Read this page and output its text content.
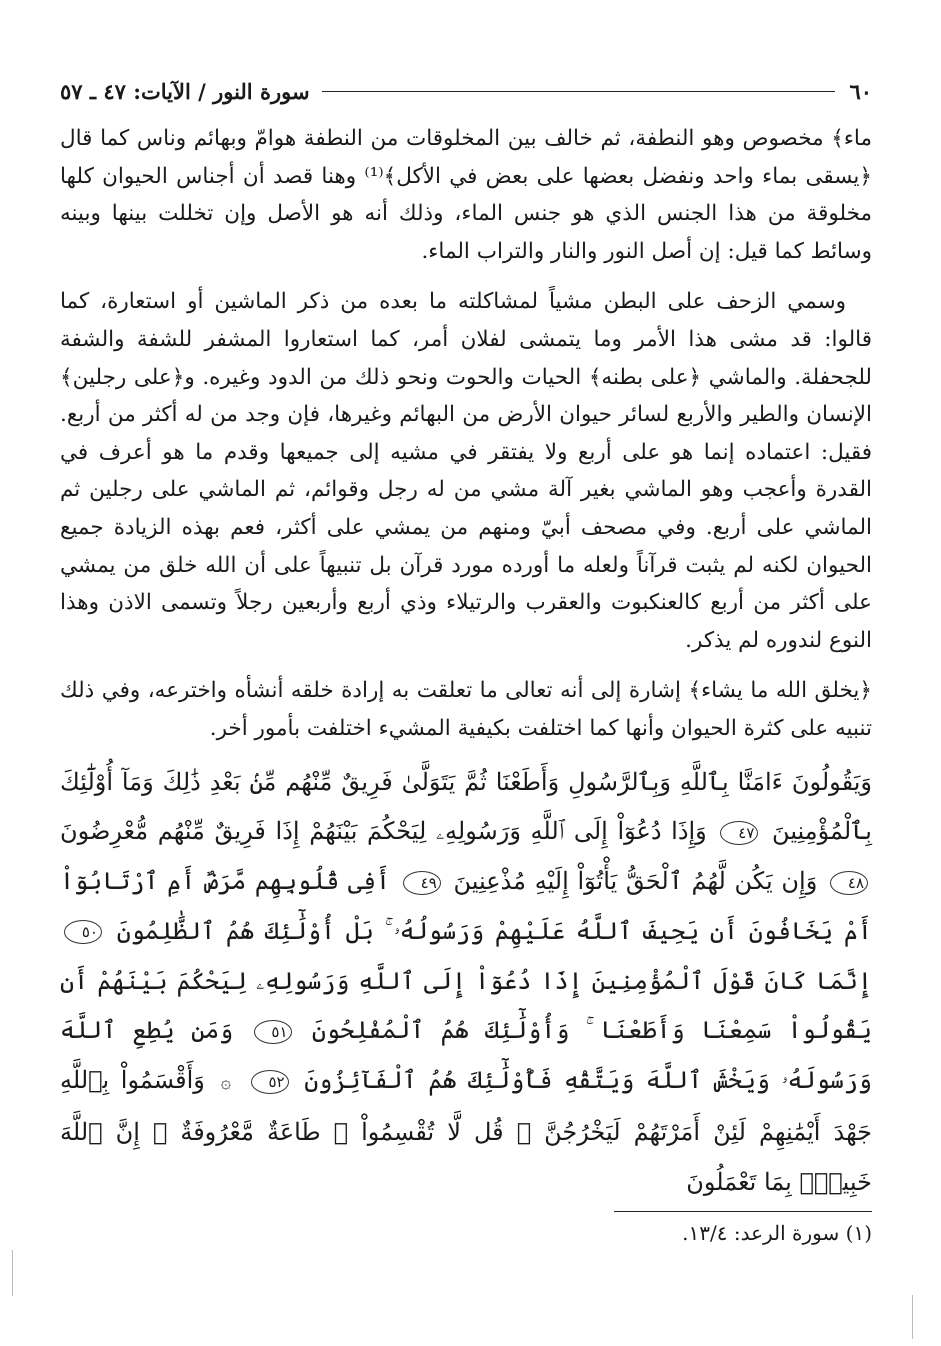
٦٠
سورة النور / الآيات: ٤٧ ـ ٥٧

ماء﴾ مخصوص وهو النطفة، ثم خالف بين المخلوقات من النطفة هوامّ وبهائم وناس كما قال ﴿يسقى بماء واحد ونفضل بعضها على بعض في الأكل﴾⁽¹⁾ وهنا قصد أن أجناس الحيوان كلها مخلوقة من هذا الجنس الذي هو جنس الماء، وذلك أنه هو الأصل وإن تخللت بينها وبينه وسائط كما قيل: إن أصل النور والنار والتراب الماء.

وسمي الزحف على البطن مشياً لمشاكلته ما بعده من ذكر الماشين أو استعارة، كما قالوا: قد مشى هذا الأمر وما يتمشى لفلان أمر، كما استعاروا المشفر للشفة والشفة للجحفلة. والماشي ﴿على بطنه﴾ الحيات والحوت ونحو ذلك من الدود وغيره. و﴿على رجلين﴾ الإنسان والطير والأربع لسائر حيوان الأرض من البهائم وغيرها، فإن وجد من له أكثر من أربع. فقيل: اعتماده إنما هو على أربع ولا يفتقر في مشيه إلى جميعها وقدم ما هو أعرف في القدرة وأعجب وهو الماشي بغير آلة مشي من له رجل وقوائم، ثم الماشي على رجلين ثم الماشي على أربع. وفي مصحف أبيّ ومنهم من يمشي على أكثر، فعم بهذه الزيادة جميع الحيوان لكنه لم يثبت قرآناً ولعله ما أورده مورد قرآن بل تنبيهاً على أن الله خلق من يمشي على أكثر من أربع كالعنكبوت والعقرب والرتيلاء وذي أربع وأربعين رجلاً وتسمى الاذن وهذا النوع لندوره لم يذكر.

﴿يخلق الله ما يشاء﴾ إشارة إلى أنه تعالى ما تعلقت به إرادة خلقه أنشأه واخترعه، وفي ذلك تنبيه على كثرة الحيوان وأنها كما اختلفت بكيفية المشيء اختلفت بأمور أخر.

وَيَقُولُونَ ءَامَنَّا بِٱللَّهِ وَبِٱلرَّسُولِ وَأَطَعْنَا ثُمَّ يَتَوَلَّىٰ فَرِيقٌ مِّنْهُم مِّنۢ بَعْدِ ذَٰلِكَ وَمَآ أُوْلَٰٓئِكَ بِٱلْمُؤْمِنِينَ ٤٧ وَإِذَا دُعُوٓاْ إِلَى ٱللَّهِ وَرَسُولِهِۦ لِيَحْكُمَ بَيْنَهُمْ إِذَا فَرِيقٌ مِّنْهُم مُّعْرِضُونَ ٤٨ وَإِن يَكُن لَّهُمُ ٱلْحَقُّ يَأْتُوٓاْ إِلَيْهِ مُذْعِنِينَ ٤٩ أَفِى قُلُوبِهِم مَّرَضٌ أَمِ ٱرْتَابُوٓاْ أَمْ يَخَافُونَ أَن يَحِيفَ ٱللَّهُ عَلَيْهِمْ وَرَسُولُهُۥ ۚ بَلْ أُوْلَٰٓئِكَ هُمُ ٱلظَّٰلِمُونَ ٥٠ إِنَّمَا كَانَ قَوْلَ ٱلْمُؤْمِنِينَ إِذَا دُعُوٓاْ إِلَى ٱللَّهِ وَرَسُولِهِۦ لِيَحْكُمَ بَيْنَهُمْ أَن يَقُولُواْ سَمِعْنَا وَأَطَعْنَا ۚ وَأُوْلَٰٓئِكَ هُمُ ٱلْمُفْلِحُونَ ٥١ وَمَن يُطِعِ ٱللَّهَ وَرَسُولَهُۥ وَيَخْشَ ٱللَّهَ وَيَتَّقْهِ فَأُوْلَٰٓئِكَ هُمُ ٱلْفَآئِزُونَ ٥٢ ۞ وَأَقْسَمُواْ بِٱللَّهِ جَهْدَ أَيْمَٰنِهِمْ لَئِنْ أَمَرْتَهُمْ لَيَخْرُجُنَّ ۖ قُل لَّا تُقْسِمُواْ ۖ طَاعَةٌ مَّعْرُوفَةٌ ۚ إِنَّ ٱللَّهَ خَبِيرٌۢ بِمَا تَعْمَلُونَ
(١) سورة الرعد: ١٣/٤.
